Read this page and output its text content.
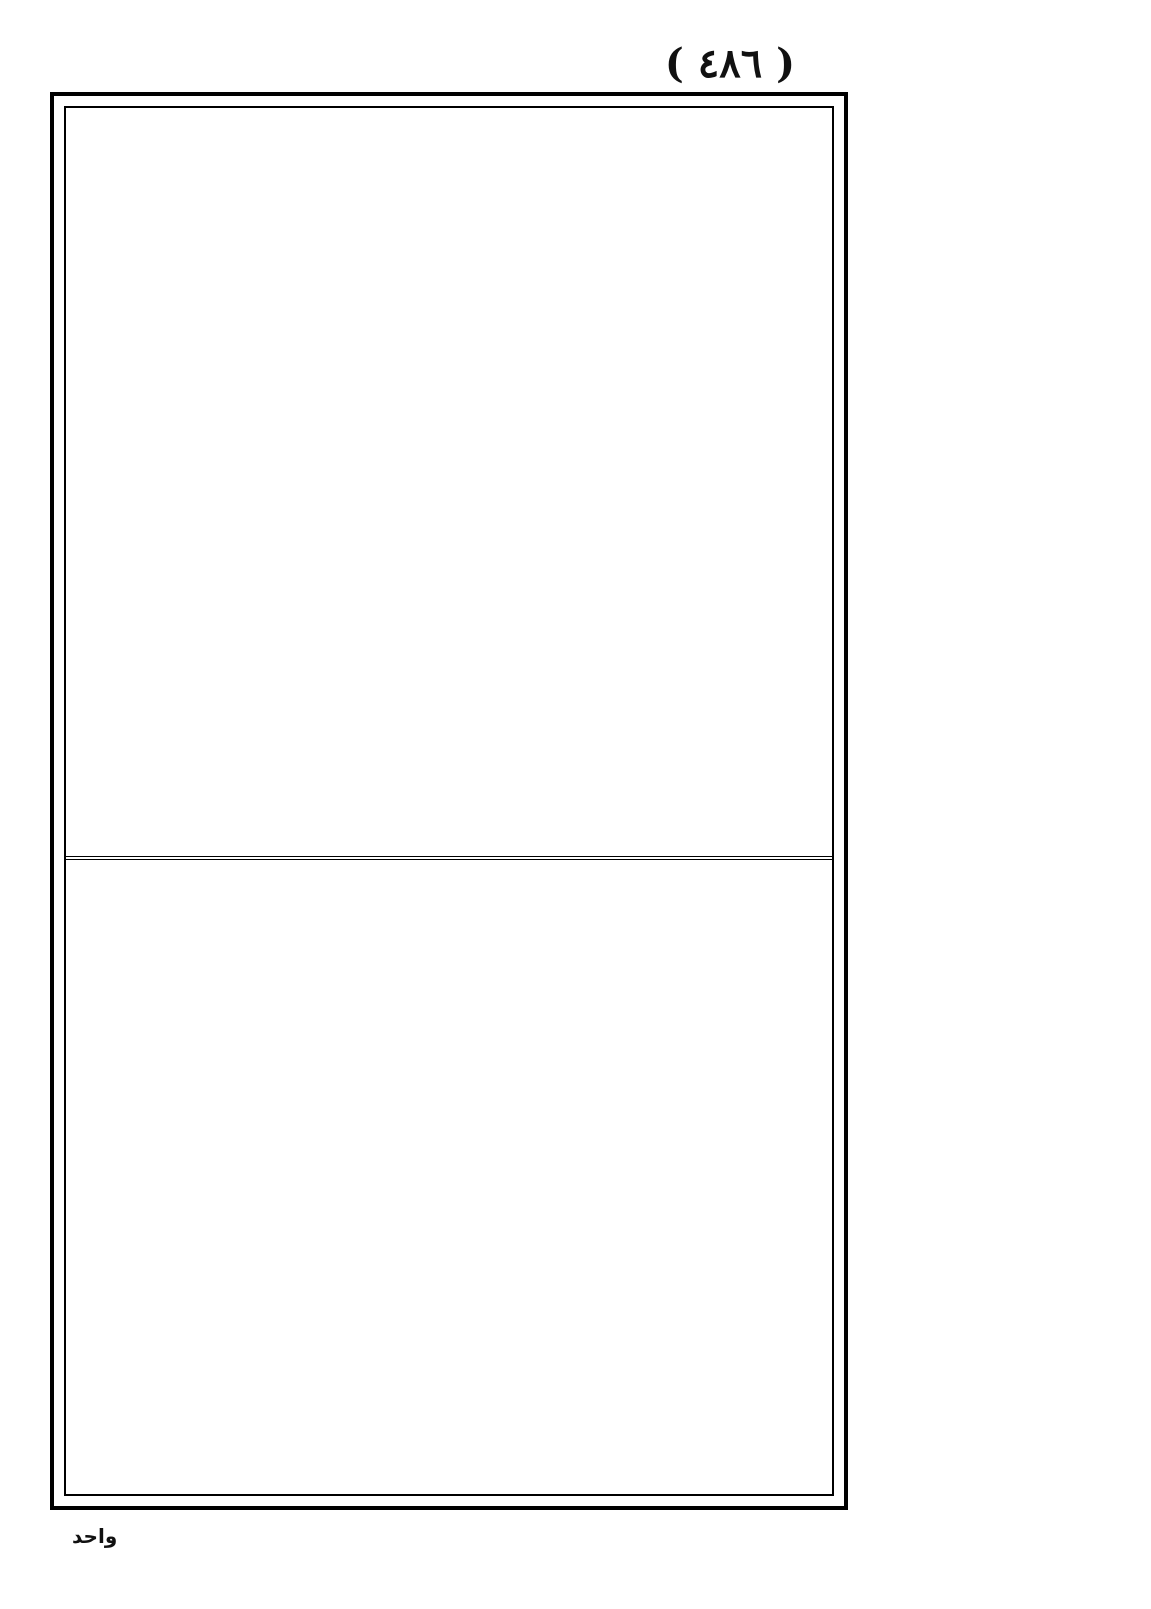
( ٤٨٦ )
واحد
